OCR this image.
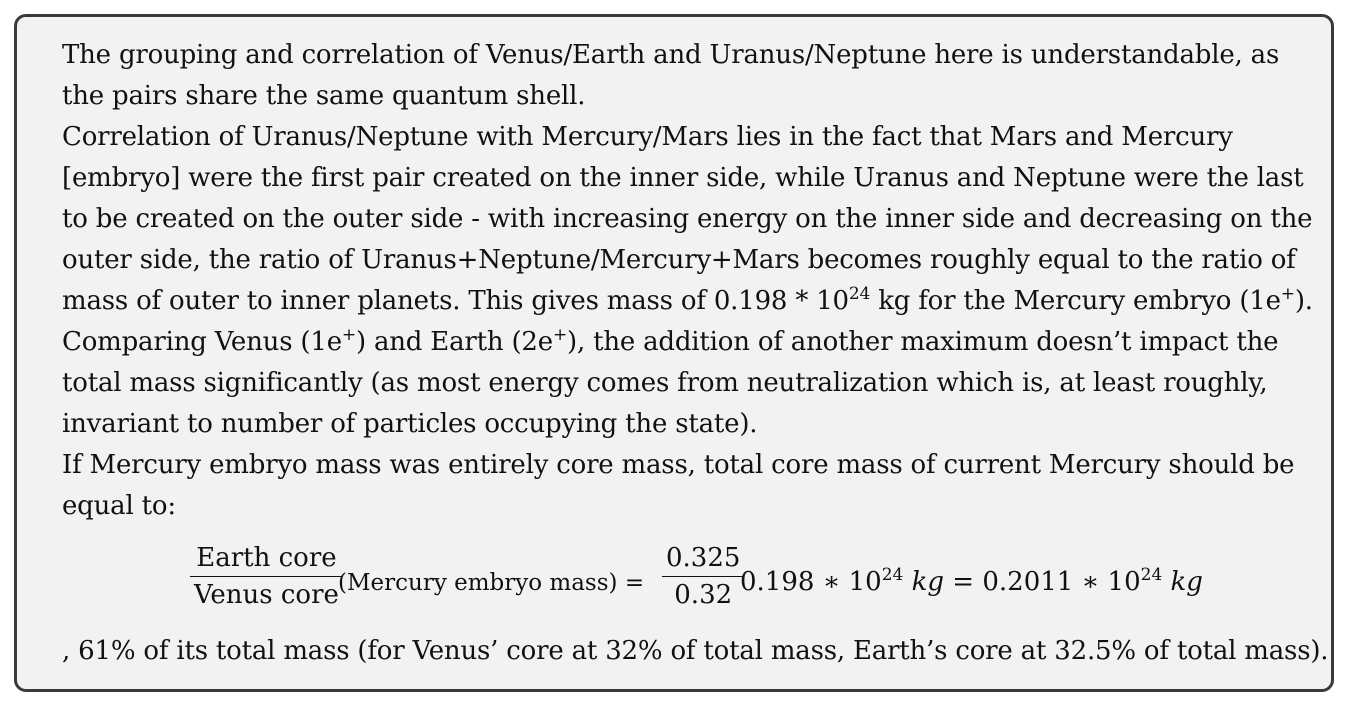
The grouping and correlation of Venus/Earth and Uranus/Neptune here is understandable, as
the pairs share the same quantum shell.
Correlation of Uranus/Neptune with Mercury/Mars lies in the fact that Mars and Mercury
[embryo] were the first pair created on the inner side, while Uranus and Neptune were the last
to be created on the outer side - with increasing energy on the inner side and decreasing on the
outer side, the ratio of Uranus+Neptune/Mercury+Mars becomes roughly equal to the ratio of
mass of outer to inner planets. This gives mass of $0.198 * 10^{24}$ kg for the Mercury embryo (1e+).
Comparing Venus (1e+) and Earth (2e+), the addition of another maximum doesn’t impact the
total mass significantly (as most energy comes from neutralization which is, at least roughly,
invariant to number of particles occupying the state).
If Mercury embryo mass was entirely core mass, total core mass of current Mercury should be
equal to:
Earth core
Venus core (Mercury embryo mass) =
0.325
0.32 0.198 ∗ $10^{24}$ kg = 0.2011 ∗ $10^{24}$ kg
, 61% of its total mass (for Venus’ core at 32% of total mass, Earth’s core at 32.5% of total mass).
